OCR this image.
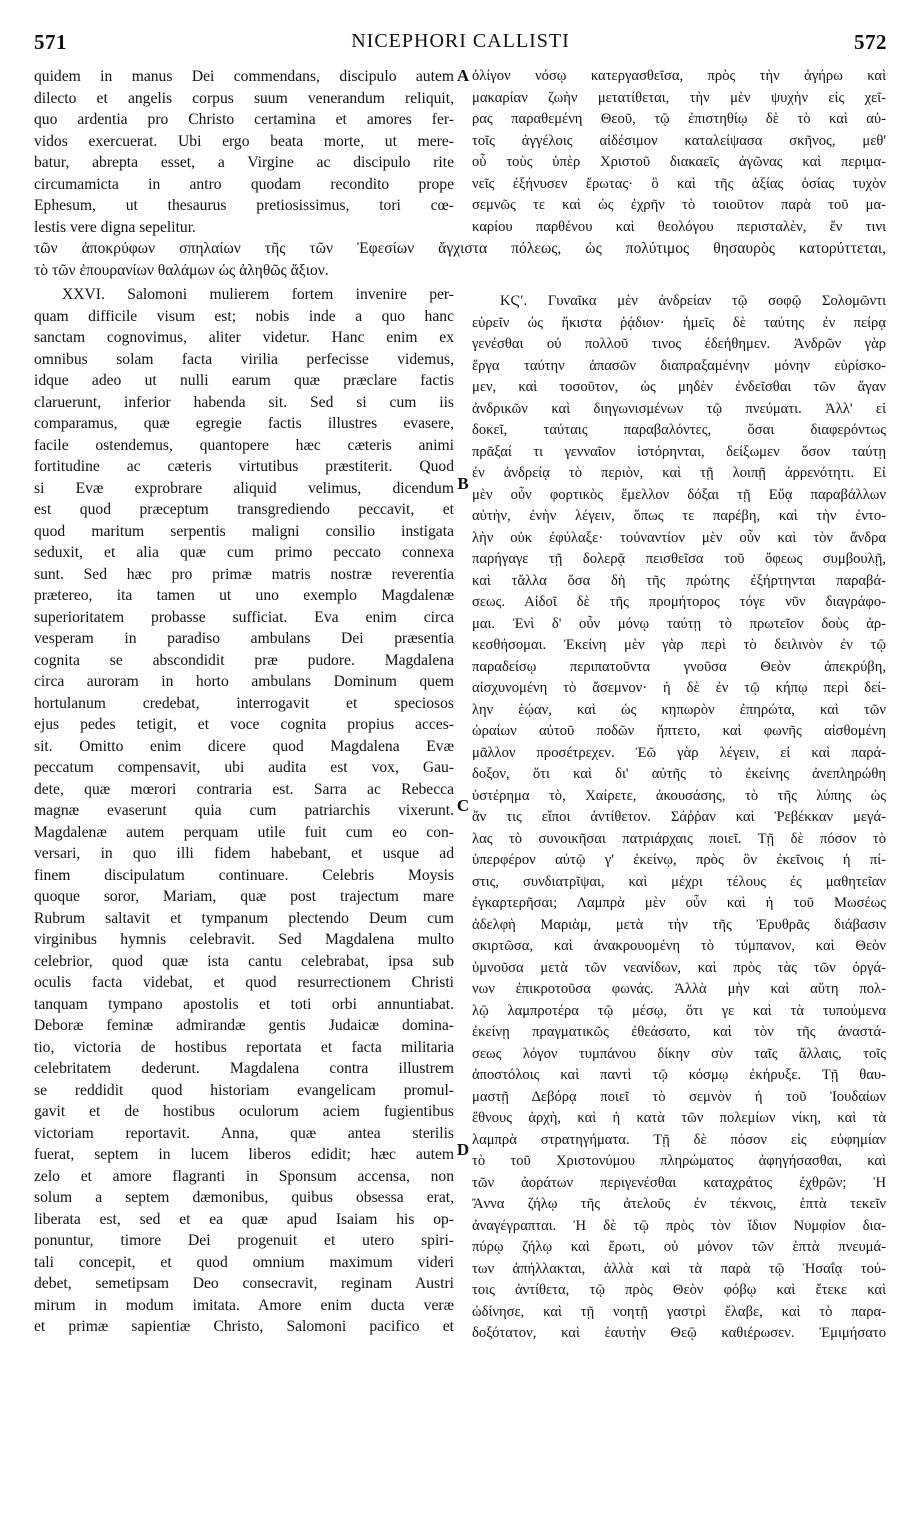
571	NICEPHORI CALLISTI	572
A
B
C
D
quidem in manus Dei commendans, discipulo autem
dilecto et angelis corpus suum venerandum reliquit,
quo ardentia pro Christo certamina et amores fer-
vidos exercuerat. Ubi ergo beata morte, ut mere-
batur, abrepta esset, a Virgine ac discipulo rite
circumamicta in antro quodam recondito prope
Ephesum, ut thesaurus pretiosissimus, tori cœ-
lestis vere digna sepelitur.
τῶν ἀποκρύφων σπηλαίων τῆς τῶν Ἐφεσίων ἄγχιστα πόλεως, ὡς πολύτιμος θησαυρὸς κατορύττεται,
τὸ τῶν ἐπουρανίων θαλάμων ὡς ἀληθῶς ἄξιον.
XXVI. Salomoni mulierem fortem invenire per-
quam difficile visum est; nobis inde a quo hanc
sanctam cognovimus, aliter videtur. Hanc enim ex
omnibus solam facta virilia perfecisse videmus,
idque adeo ut nulli earum quæ præclare factis
claruerunt, inferior habenda sit. Sed si cum iis
comparamus, quæ egregie factis illustres evasere,
facile ostendemus, quantopere hæc cæteris animi
fortitudine ac cæteris virtutibus præstiterit. Quod
si Evæ exprobrare aliquid velimus, dicendum
est quod præceptum transgrediendo peccavit, et
quod maritum serpentis maligni consilio instigata
seduxit, et alia quæ cum primo peccato connexa
sunt. Sed hæc pro primæ matris nostræ reverentia
prætereo, ita tamen ut uno exemplo Magdalenæ
superioritatem probasse sufficiat. Eva enim circa
vesperam in paradiso ambulans Dei præsentia
cognita se abscondidit præ pudore. Magdalena
circa auroram in horto ambulans Dominum quem
hortulanum credebat, interrogavit et speciosos
ejus pedes tetigit, et voce cognita propius acces-
sit. Omitto enim dicere quod Magdalena Evæ
peccatum compensavit, ubi audita est vox, Gau-
dete, quæ mœrori contraria est. Sarra ac Rebecca
magnæ evaserunt quia cum patriarchis vixerunt.
Magdalenæ autem perquam utile fuit cum eo con-
versari, in quo illi fidem habebant, et usque ad
finem discipulatum continuare. Celebris Moysis
quoque soror, Mariam, quæ post trajectum mare
Rubrum saltavit et tympanum plectendo Deum cum
virginibus hymnis celebravit. Sed Magdalena multo
celebrior, quod quæ ista cantu celebrabat, ipsa sub
oculis facta videbat, et quod resurrectionem Christi
tanquam tympano apostolis et toti orbi annuntiabat.
Deboræ feminæ admirandæ gentis Judaicæ domina-
tio, victoria de hostibus reportata et facta militaria
celebritatem dederunt. Magdalena contra illustrem
se reddidit quod historiam evangelicam promul-
gavit et de hostibus oculorum aciem fugientibus
victoriam reportavit. Anna, quæ antea sterilis
fuerat, septem in lucem liberos edidit; hæc autem
zelo et amore flagranti in Sponsum accensa, non
solum a septem dæmonibus, quibus obsessa erat,
liberata est, sed et ea quæ apud Isaiam his op-
ponuntur, timore Dei progenuit et utero spiri-
tali concepit, et quod omnium maximum videri
debet, semetipsam Deo consecravit, reginam Austri
mirum in modum imitata. Amore enim ducta veræ
et primæ sapientiæ Christo, Salomoni pacifico et
ὀλίγον νόσῳ κατεργασθεῖσα, πρὸς τὴν ἀγήρω καὶ
μακαρίαν ζωὴν μετατίθεται, τὴν μὲν ψυχὴν εἰς χεῖ-
ρας παραθεμένη Θεοῦ, τῷ ἐπιστηθίῳ δὲ τὸ καὶ αὐ-
τοῖς ἀγγέλοις αἰδέσιμον καταλείψασα σκῆνος, μεθ'
οὗ τοὺς ὑπὲρ Χριστοῦ διακαεῖς ἀγῶνας καὶ περιμα-
νεῖς ἐξήνυσεν ἔρωτας· ὃ καὶ τῆς ἀξίας ὁσίας τυχὸν
σεμνῶς τε καὶ ὡς ἐχρῆν τὸ τοιοῦτον παρὰ τοῦ μα-
καρίου παρθένου καὶ θεολόγου περισταλὲν, ἔν τινι
ΚϚʹ. Γυναῖκα μὲν ἀνδρείαν τῷ σοφῷ Σολομῶντι
εὑρεῖν ὡς ἥκιστα ῥᾴδιον· ἡμεῖς δὲ ταύτης ἐν πείρᾳ
γενέσθαι οὐ πολλοῦ τινος ἐδεήθημεν. Ἀνδρῶν γὰρ
ἔργα ταύτην ἁπασῶν διαπραξαμένην μόνην εὑρίσκο-
μεν, καὶ τοσοῦτον, ὡς μηδὲν ἐνδεῖσθαι τῶν ἄγαν
ἀνδρικῶν καὶ διηγωνισμένων τῷ πνεύματι. Ἀλλ' εἰ
δοκεῖ, ταύταις παραβαλόντες, ὅσαι διαφερόντως
πρᾶξαί τι γενναῖον ἱστόρηνται, δείξωμεν ὅσον ταύτῃ
ἐν ἀνδρείᾳ τὸ περιὸν, καὶ τῇ λοιπῇ ἀρρενότητι. Εἰ
μὲν οὖν φορτικὸς ἔμελλον δόξαι τῇ Εὔᾳ παραβάλλων
αὐτὴν, ἐνὴν λέγειν, ὅπως τε παρέβη, καὶ τὴν ἐντο-
λὴν οὐκ ἐφύλαξε· τοὐναντίον μὲν οὖν καὶ τὸν ἄνδρα
παρήγαγε τῇ δολερᾷ πεισθεῖσα τοῦ ὄφεως συμβουλῇ,
καὶ τἄλλα ὅσα δὴ τῆς πρώτης ἐξήρτηνται παραβά-
σεως. Αἰδοῖ δὲ τῆς προμήτορος τόγε νῦν διαγράφο-
μαι. Ἐνὶ δ' οὖν μόνῳ ταύτῃ τὸ πρωτεῖον δοὺς ἀρ-
κεσθήσομαι. Ἐκείνη μὲν γὰρ περὶ τὸ δειλινὸν ἐν τῷ
παραδείσῳ περιπατοῦντα γνοῦσα Θεὸν ἀπεκρύβη,
αἰσχυνομένη τὸ ἄσεμνον· ἡ δὲ ἐν τῷ κήπῳ περὶ δεί-
λην ἑῴαν, καὶ ὡς κηπωρὸν ἐπηρώτα, καὶ τῶν
ὡραίων αὐτοῦ ποδῶν ἥπτετο, καὶ φωνῆς αἰσθομένη
μᾶλλον προσέτρεχεν. Ἐῶ γὰρ λέγειν, εἰ καὶ παρά-
δοξον, ὅτι καὶ δι' αὐτῆς τὸ ἐκείνης ἀνεπληρώθη
ὑστέρημα τὸ, Χαίρετε, ἀκουσάσης, τὸ τῆς λύπης ὡς
ἄν τις εἴποι ἀντίθετον. Σάῤῥαν καὶ Ῥεβέκκαν μεγά-
λας τὸ συνοικῆσαι πατριάρχαις ποιεῖ. Τῇ δὲ πόσον τὸ
ὑπερφέρον αὐτῷ γ' ἐκείνῳ, πρὸς ὃν ἐκεῖνοις ἡ πί-
στις, συνδιατρῖψαι, καὶ μέχρι τέλους ἐς μαθητεῖαν
ἐγκαρτερῆσαι; Λαμπρὰ μὲν οὖν καὶ ἡ τοῦ Μωσέως
ἀδελφὴ Μαριὰμ, μετὰ τὴν τῆς Ἐρυθρᾶς διάβασιν
σκιρτῶσα, καὶ ἀνακρουομένη τὸ τύμπανον, καὶ Θεὸν
ὑμνοῦσα μετὰ τῶν νεανίδων, καὶ πρὸς τὰς τῶν ὀργά-
νων ἐπικροτοῦσα φωνάς. Ἀλλὰ μὴν καὶ αὕτη πολ-
λῷ λαμπροτέρα τῷ μέσῳ, ὅτι γε καὶ τὰ τυπούμενα
ἐκείνῃ πραγματικῶς ἐθεάσατο, καὶ τὸν τῆς ἀναστά-
σεως λόγον τυμπάνου δίκην σὺν ταῖς ἄλλαις, τοῖς
ἀποστόλοις καὶ παντὶ τῷ κόσμῳ ἐκήρυξε. Τῇ θαυ-
μαστῇ Δεβόρᾳ ποιεῖ τὸ σεμνὸν ἡ τοῦ Ἰουδαίων
ἔθνους ἀρχὴ, καὶ ἡ κατὰ τῶν πολεμίων νίκη, καὶ τὰ
λαμπρὰ στρατηγήματα. Τῇ δὲ πόσον εἰς εὐφημίαν
τὸ τοῦ Χριστονύμου πληρώματος ἀφηγήσασθαι, καὶ
τῶν ἀοράτων περιγενέσθαι καταχράτος ἐχθρῶν; Ἡ
Ἄννα ζήλῳ τῆς ἀτελοῦς ἐν τέκνοις, ἑπτὰ τεκεῖν
ἀναγέγραπται. Ἡ δὲ τῷ πρὸς τὸν ἴδιον Νυμφίον δια-
πύρῳ ζήλῳ καὶ ἔρωτι, οὐ μόνον τῶν ἑπτὰ πνευμά-
των ἀπήλλακται, ἀλλὰ καὶ τὰ παρὰ τῷ Ἡσαΐᾳ τού-
τοις ἀντίθετα, τῷ πρὸς Θεὸν φόβῳ καὶ ἔτεκε καὶ
ὠδίνησε, καὶ τῇ νοητῇ γαστρὶ ἔλαβε, καὶ τὸ παρα-
δοξότατον, καὶ ἑαυτὴν Θεῷ καθιέρωσεν. Ἐμιμήσατο
